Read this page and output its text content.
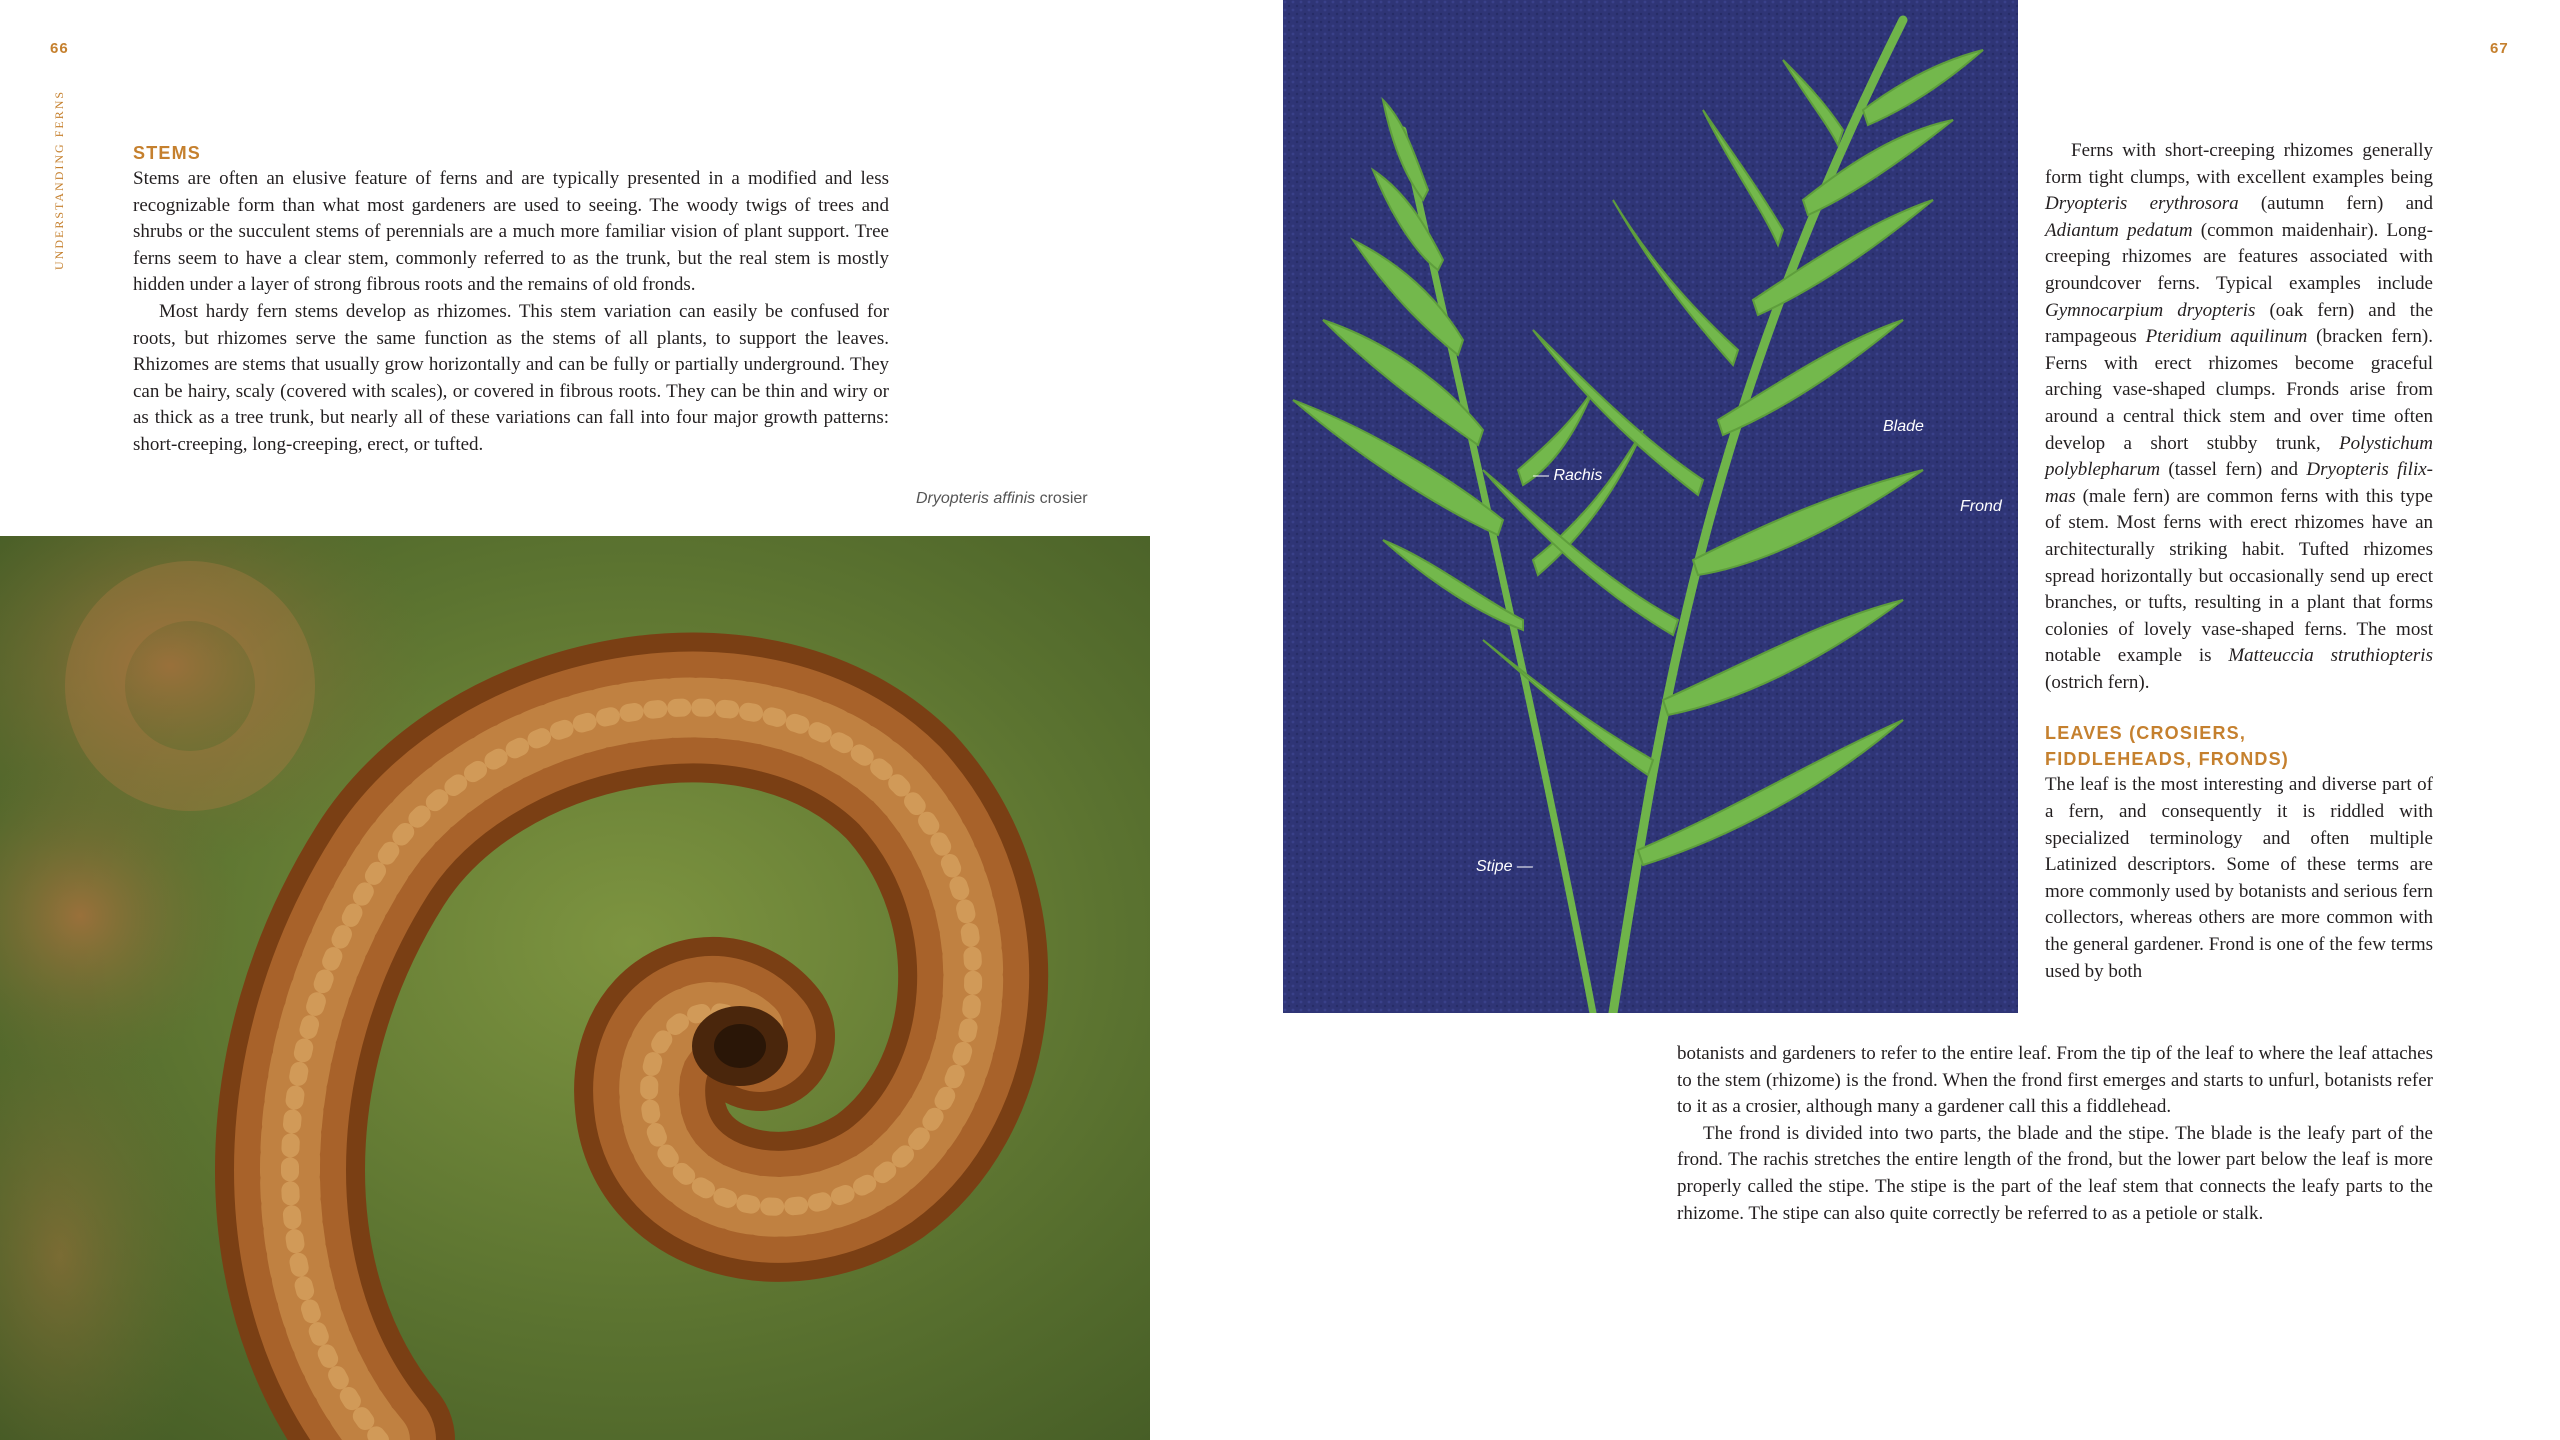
66	67
UNDERSTANDING FERNS	STEMS

Stems are often an elusive feature of ferns and are typically presented in a modified and less recognizable form than what most gardeners are used to seeing. The woody twigs of trees and shrubs or the succulent stems of perennials are a much more familiar vision of plant support. Tree ferns seem to have a clear stem, commonly referred to as the trunk, but the real stem is mostly hidden under a layer of strong fibrous roots and the remains of old fronds.

Most hardy fern stems develop as rhizomes. This stem variation can easily be confused for roots, but rhizomes serve the same function as the stems of all plants, to support the leaves. Rhizomes are stems that usually grow horizontally and can be fully or partially underground. They can be hairy, scaly (covered with scales), or covered in fibrous roots. They can be thin and wiry or as thick as a tree trunk, but nearly all of these variations can fall into four major growth patterns: short-creeping, long-creeping, erect, or tufted.

Dryopteris affinis crosier
— Rachis
Blade
Frond
Stipe —

Ferns with short-creeping rhizomes generally form tight clumps, with excellent examples being Dryopteris erythrosora (autumn fern) and Adiantum pedatum (common maidenhair). Long-creeping rhizomes are features associated with groundcover ferns. Typical examples include Gymnocarpium dryopteris (oak fern) and the rampageous Pteridium aquilinum (bracken fern). Ferns with erect rhizomes become graceful arching vase-shaped clumps. Fronds arise from around a central thick stem and over time often develop a short stubby trunk, Polystichum polyblepharum (tassel fern) and Dryopteris filix-mas (male fern) are common ferns with this type of stem. Most ferns with erect rhizomes have an architecturally striking habit. Tufted rhizomes spread horizontally but occasionally send up erect branches, or tufts, resulting in a plant that forms colonies of lovely vase-shaped ferns. The most notable example is Matteuccia struthiopteris (ostrich fern).

LEAVES (CROSIERS,
FIDDLEHEADS, FRONDS)

The leaf is the most interesting and diverse part of a fern, and consequently it is riddled with specialized terminology and often multiple Latinized descriptors. Some of these terms are more commonly used by botanists and serious fern collectors, whereas others are more common with the general gardener. Frond is one of the few terms used by both

botanists and gardeners to refer to the entire leaf. From the tip of the leaf to where the leaf attaches to the stem (rhizome) is the frond. When the frond first emerges and starts to unfurl, botanists refer to it as a crosier, although many a gardener call this a fiddlehead.

The frond is divided into two parts, the blade and the stipe. The blade is the leafy part of the frond. The rachis stretches the entire length of the frond, but the lower part below the leaf is more properly called the stipe. The stipe is the part of the leaf stem that connects the leafy parts to the rhizome. The stipe can also quite correctly be referred to as a petiole or stalk.
